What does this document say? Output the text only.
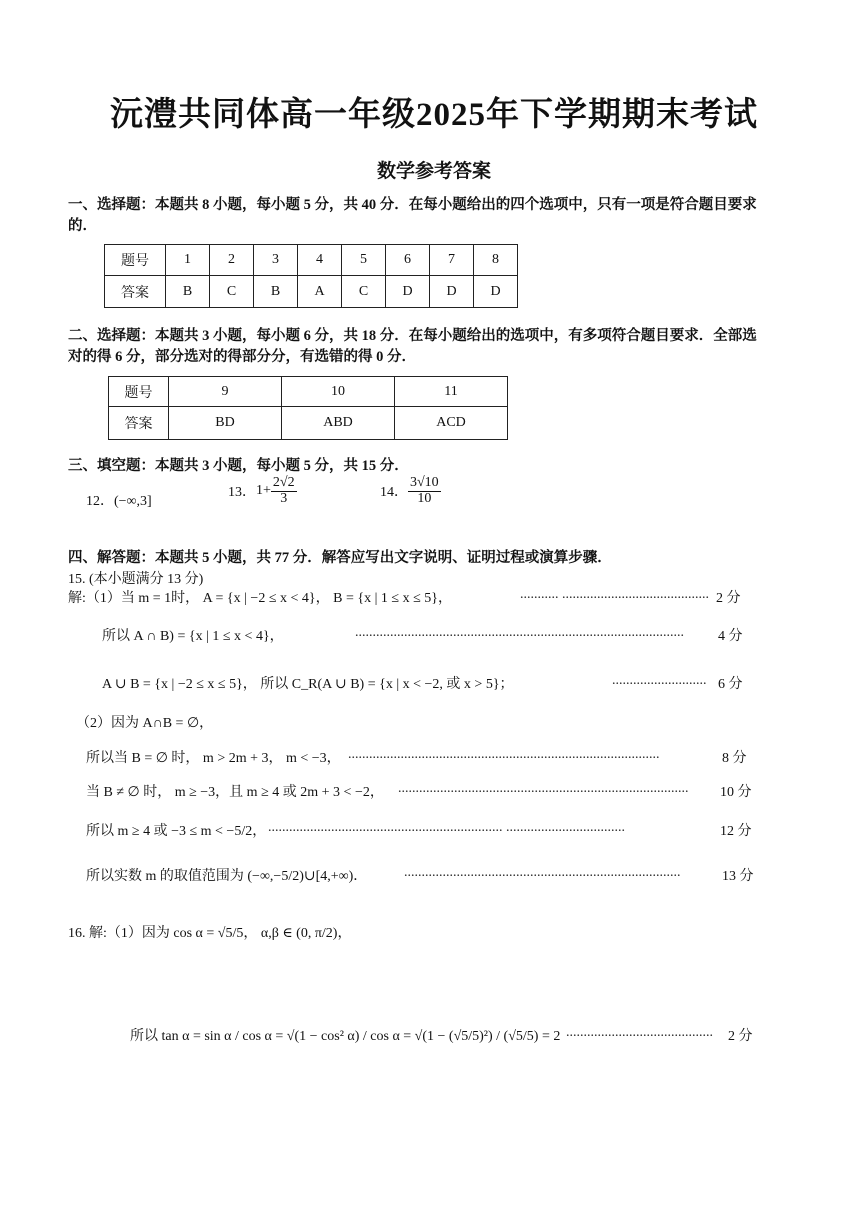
沅澧共同体高一年级2025年下学期期末考试
数学参考答案
一、选择题：本题共 8 小题，每小题 5 分，共 40 分．在每小题给出的四个选项中，只有一项是符合题目要求
的．
题号	1	2	3	4	5	6	7	8
答案	B	C	B	A	C	D	D	D
二、选择题：本题共 3 小题，每小题 6 分，共 18 分．在每小题给出的选项中，有多项符合题目要求．全部选
对的得 6 分，部分选对的得部分分，有选错的得 0 分．
题号	9	10	11
答案	BD	ABD	ACD
三、填空题：本题共 3 小题，每小题 5 分，共 15 分．
12．(−∞,3]
13．$1+ \frac{2√2}{3}$	14． $\frac{3√10}{10}$
四、解答题：本题共 5 小题，共 77 分．解答应写出文字说明、证明过程或演算步骤．
15. (本小题满分 13 分)
解:（1）当 m = 1时， A = {x | −2 ≤ x < 4}， B = {x | 1 ≤ x ≤ 5}，	........... .......................................... 2 分
所以 A ∩ B) = {x | 1 ≤ x < 4}，	..............................................................................................	4 分
A ∪ B = {x | −2 ≤ x ≤ 5}， 所以 C_R(A ∪ B) = {x | x < −2, 或 x > 5}；	........................... 6 分
（2）因为 A∩B = ∅，
所以当 B = ∅ 时， m > 2m + 3， m < −3， .........................................................................................	8 分
当 B ≠ ∅ 时， m ≥ −3，且 m ≥ 4 或 2m + 3 < −2， ...................................................................................	10 分
所以 m ≥ 4 或 −3 ≤ m < −5/2， ................................................................... ..................................	12 分
所以实数 m 的取值范围为 (−∞,−5/2)∪[4,+∞)．	...............................................................................	13 分
16. 解:（1）因为 cos α = √5/5， α,β ∈ (0, π/2)，
所以 tan α = sin α / cos α = √(1 − cos² α) / cos α = √(1 − (√5/5)²) / (√5/5) = 2 ..........................................	2 分
